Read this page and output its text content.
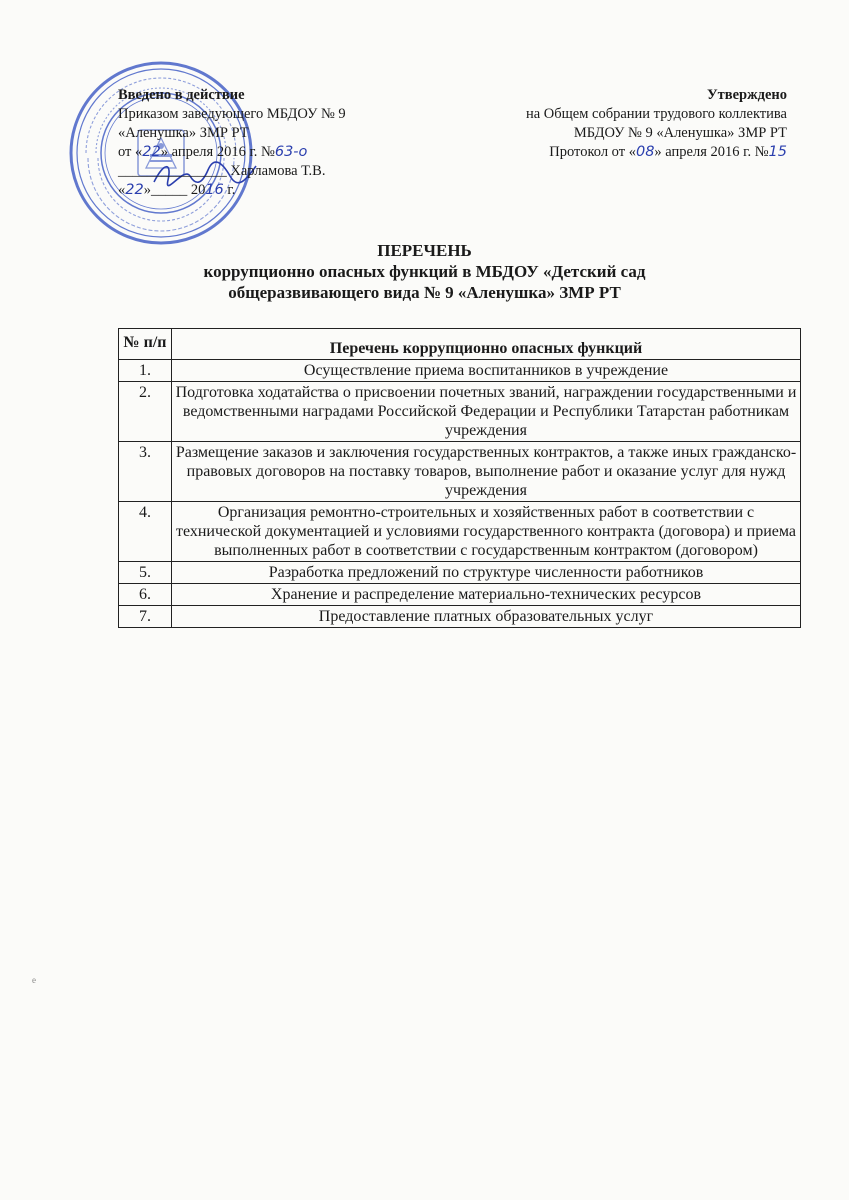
Введено в действие
Приказом заведующего МБДОУ № 9
«Аленушка» ЗМР РТ
от «22» апреля 2016 г. №63-о
_______________ Харламова Т.В.
«22»_____ 2016 г.
Утверждено
на Общем собрании трудового коллектива
МБДОУ № 9 «Аленушка» ЗМР РТ
Протокол от «08» апреля 2016 г. №15
ПЕРЕЧЕНЬ
коррупционно опасных функций в МБДОУ «Детский сад
общеразвивающего вида № 9 «Аленушка» ЗМР РТ
№ п/п	Перечень коррупционно опасных функций
1.	Осуществление приема воспитанников в учреждение
2.	Подготовка ходатайства о присвоении почетных званий, награждении государственными и ведомственными наградами Российской Федерации и Республики Татарстан работникам учреждения
3.	Размещение заказов и заключения государственных контрактов, а также иных гражданско-правовых договоров на поставку товаров, выполнение работ и оказание услуг для нужд учреждения
4.	Организация ремонтно-строительных и хозяйственных работ в соответствии с технической документацией и условиями государственного контракта (договора) и приема выполненных работ в соответствии с государственным контрактом (договором)
5.	Разработка предложений по структуре численности работников
6.	Хранение и распределение материально-технических ресурсов
7.	Предоставление платных образовательных услуг
e
